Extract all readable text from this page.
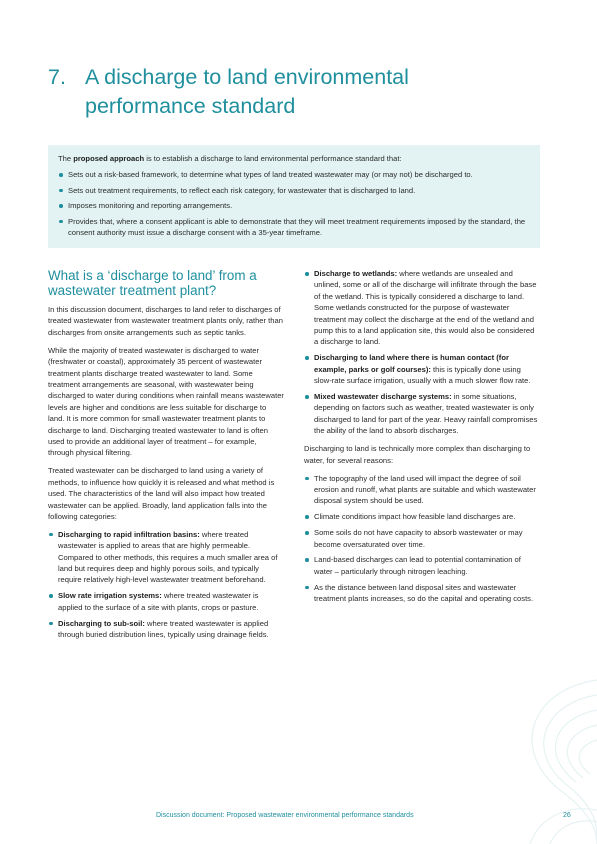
7. A discharge to land environmental performance standard

The proposed approach is to establish a discharge to land environmental performance standard that:

Sets out a risk-based framework, to determine what types of land treated wastewater may (or may not) be discharged to.
Sets out treatment requirements, to reflect each risk category, for wastewater that is discharged to land.
Imposes monitoring and reporting arrangements.
Provides that, where a consent applicant is able to demonstrate that they will meet treatment requirements imposed by the standard, the consent authority must issue a discharge consent with a 35-year timeframe.
What is a ‘discharge to land’ from a wastewater treatment plant?

In this discussion document, discharges to land refer to discharges of treated wastewater from wastewater treatment plants only, rather than discharges from onsite arrangements such as septic tanks.

While the majority of treated wastewater is discharged to water (freshwater or coastal), approximately 35 percent of wastewater treatment plants discharge treated wastewater to land. Some treatment arrangements are seasonal, with wastewater being discharged to water during conditions when rainfall means wastewater levels are higher and conditions are less suitable for discharge to land. It is more common for small wastewater treatment plants to discharge to land. Discharging treated wastewater to land is often used to provide an additional layer of treatment – for example, through physical filtering.

Treated wastewater can be discharged to land using a variety of methods, to influence how quickly it is released and what method is used. The characteristics of the land will also impact how treated wastewater can be applied. Broadly, land application falls into the following categories:

Discharging to rapid infiltration basins: where treated wastewater is applied to areas that are highly permeable. Compared to other methods, this requires a much smaller area of land but requires deep and highly porous soils, and typically require relatively high-level wastewater treatment beforehand.
Slow rate irrigation systems: where treated wastewater is applied to the surface of a site with plants, crops or pasture.
Discharging to sub-soil: where treated wastewater is applied through buried distribution lines, typically using drainage fields.
Discharge to wetlands: where wetlands are unsealed and unlined, some or all of the discharge will infiltrate through the base of the wetland. This is typically considered a discharge to land. Some wetlands constructed for the purpose of wastewater treatment may collect the discharge at the end of the wetland and pump this to a land application site, this would also be considered a discharge to land.
Discharging to land where there is human contact (for example, parks or golf courses): this is typically done using slow-rate surface irrigation, usually with a much slower flow rate.
Mixed wastewater discharge systems: in some situations, depending on factors such as weather, treated wastewater is only discharged to land for part of the year. Heavy rainfall compromises the ability of the land to absorb discharges.

Discharging to land is technically more complex than discharging to water, for several reasons:

The topography of the land used will impact the degree of soil erosion and runoff, what plants are suitable and which wastewater disposal system should be used.
Climate conditions impact how feasible land discharges are.
Some soils do not have capacity to absorb wastewater or may become oversaturated over time.
Land-based discharges can lead to potential contamination of water – particularly through nitrogen leaching.
As the distance between land disposal sites and wastewater treatment plants increases, so do the capital and operating costs.
Discussion document: Proposed wastewater environmental performance standards	26
